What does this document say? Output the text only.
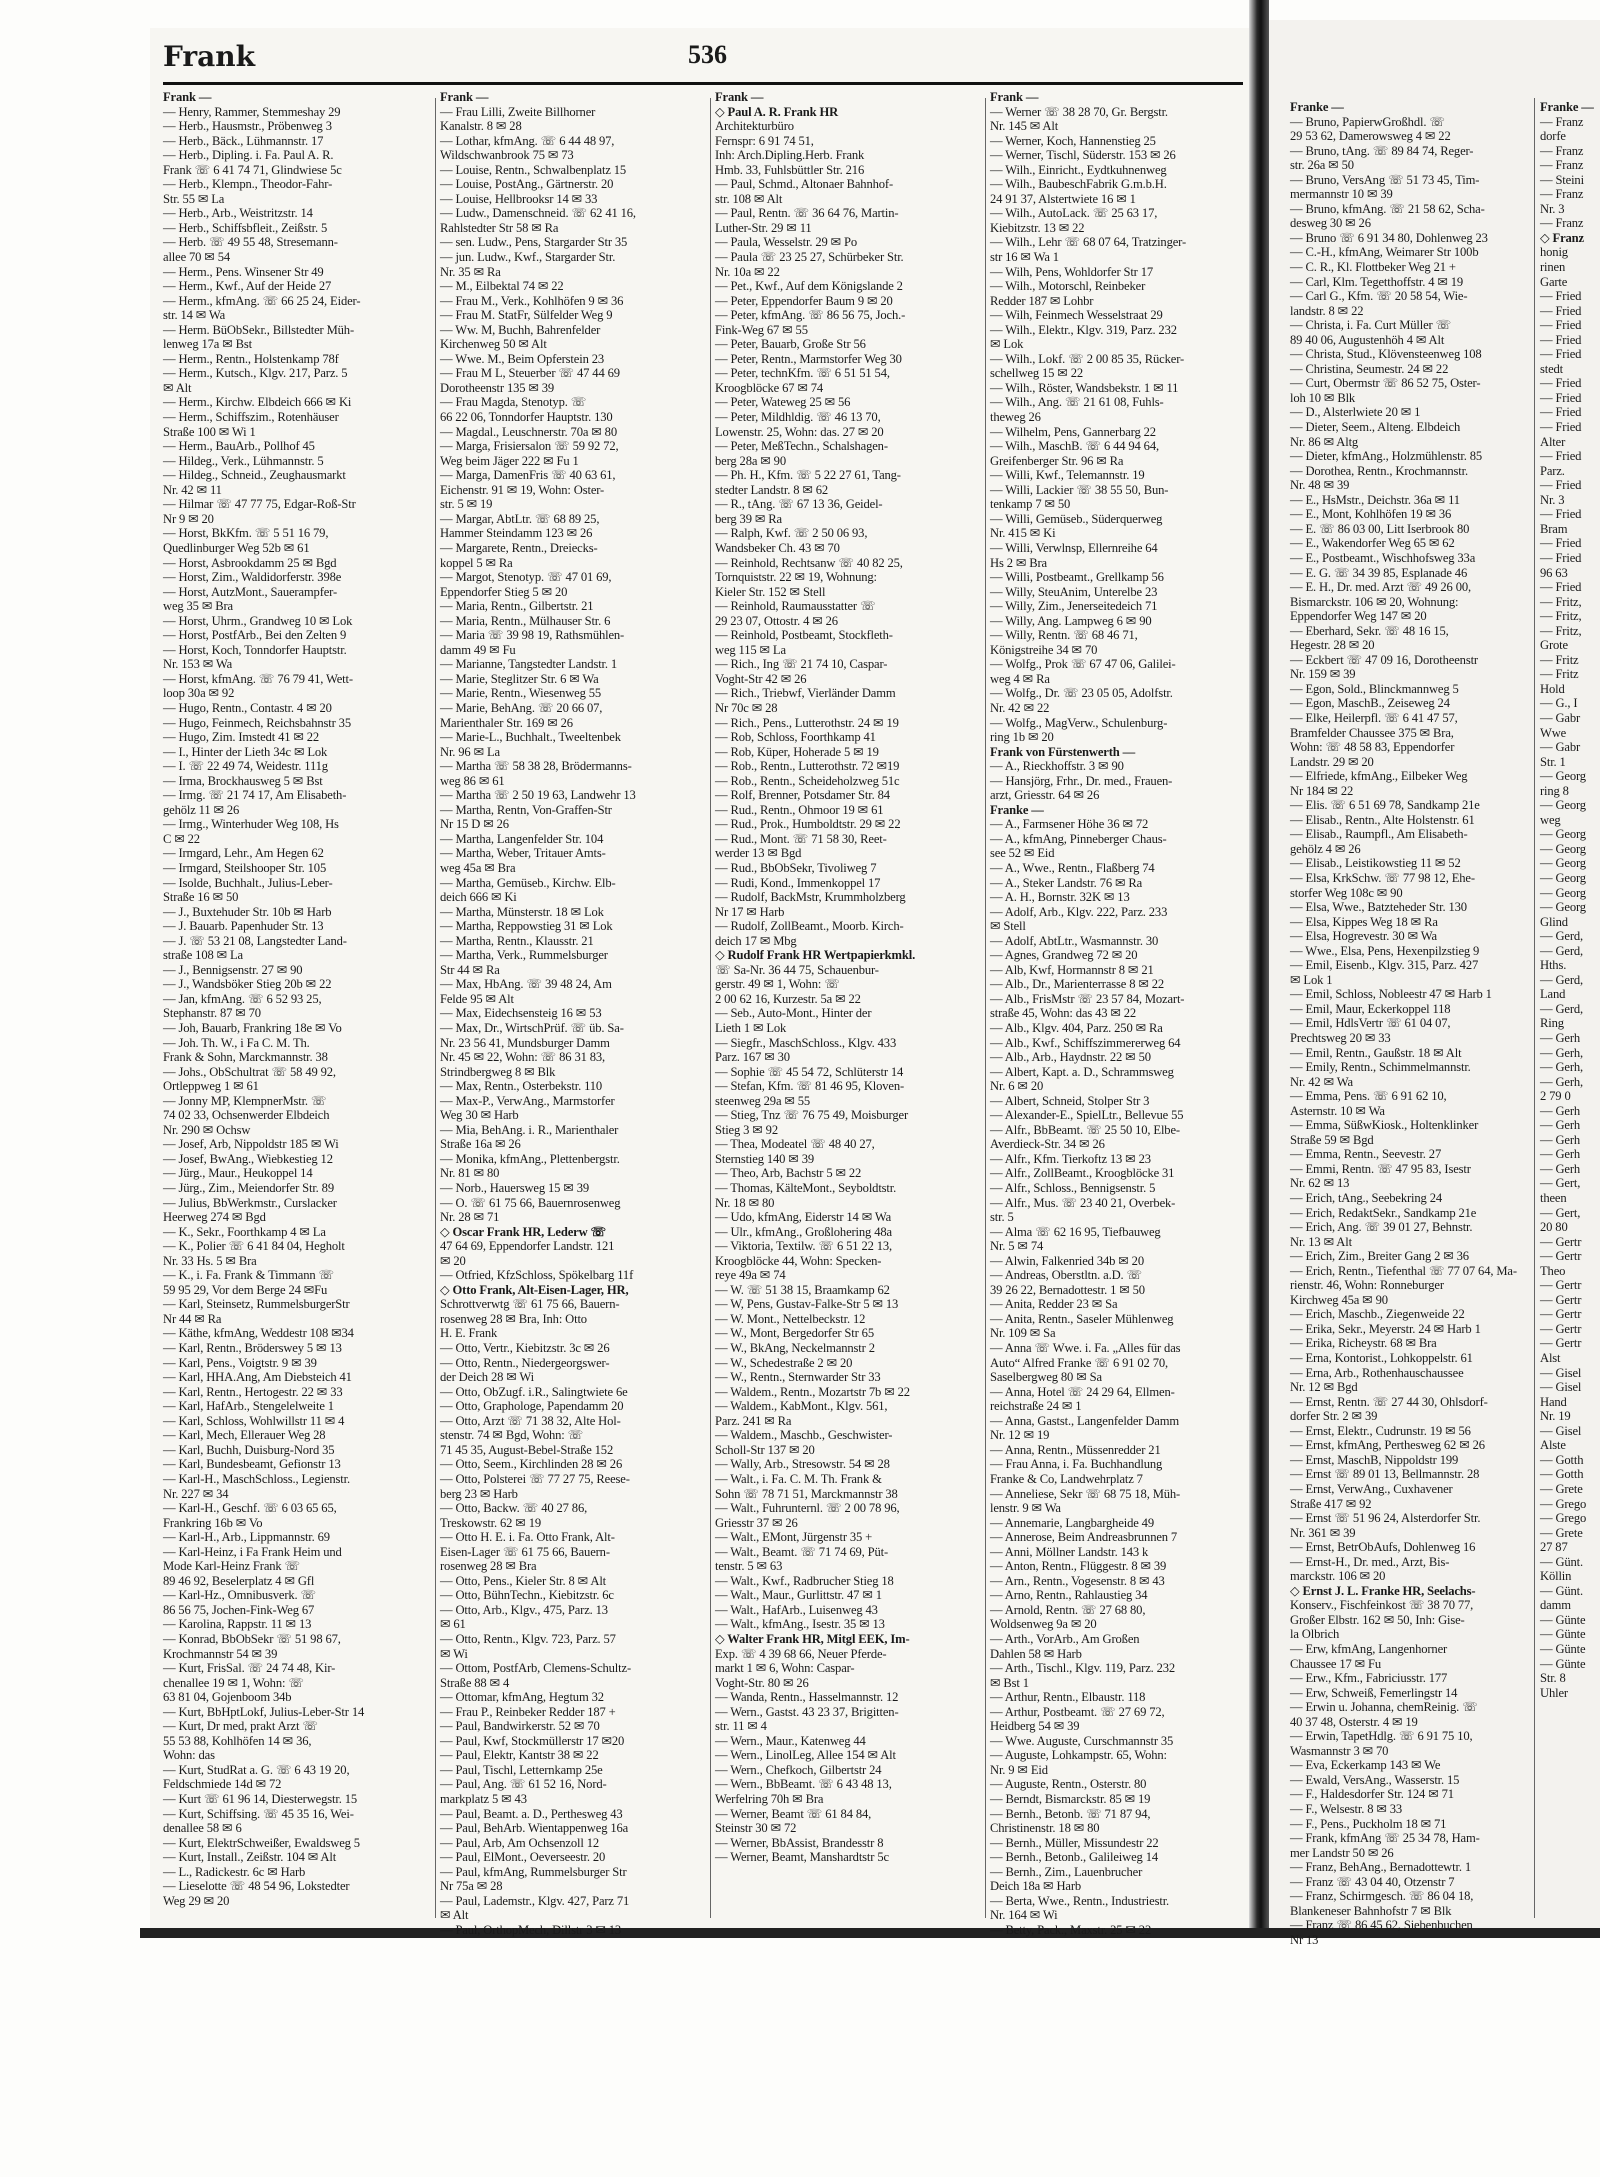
Frank	536
Frank —
— Henry, Rammer, Stemmeshay 29
— Herb., Hausmstr., Pröbenweg 3
— Herb., Bäck., Lühmannstr. 17
— Herb., Dipling. i. Fa. Paul A. R.
Frank ☏ 6 41 74 71, Glindwiese 5c
— Herb., Klempn., Theodor-Fahr-
Str. 55 ✉ La
— Herb., Arb., Weistritzstr. 14
— Herb., Schiffsbfleit., Zeißstr. 5
— Herb. ☏ 49 55 48, Stresemann-
allee 70 ✉ 54
— Herm., Pens. Winsener Str 49
— Herm., Kwf., Auf der Heide 27
— Herm., kfmAng. ☏ 66 25 24, Eider-
str. 14 ✉ Wa
— Herm. BüObSekr., Billstedter Müh-
lenweg 17a ✉ Bst
— Herm., Rentn., Holstenkamp 78f
— Herm., Kutsch., Klgv. 217, Parz. 5
✉ Alt
— Herm., Kirchw. Elbdeich 666 ✉ Ki
— Herm., Schiffszim., Rotenhäuser
Straße 100 ✉ Wi 1
— Herm., BauArb., Pollhof 45
— Hildeg., Verk., Lühmannstr. 5
— Hildeg., Schneid., Zeughausmarkt
Nr. 42 ✉ 11
— Hilmar ☏ 47 77 75, Edgar-Roß-Str
Nr 9 ✉ 20
— Horst, BkKfm. ☏ 5 51 16 79,
Quedlinburger Weg 52b ✉ 61
— Horst, Asbrookdamm 25 ✉ Bgd
— Horst, Zim., Waldidorferstr. 398e
— Horst, AutzMont., Sauerampfer-
weg 35 ✉ Bra
— Horst, Uhrm., Grandweg 10 ✉ Lok
— Horst, PostfArb., Bei den Zelten 9
— Horst, Koch, Tonndorfer Hauptstr.
Nr. 153 ✉ Wa
— Horst, kfmAng. ☏ 76 79 41, Wett-
loop 30a ✉ 92
— Hugo, Rentn., Contastr. 4 ✉ 20
— Hugo, Feinmech, Reichsbahnstr 35
— Hugo, Zim. Imstedt 41 ✉ 22
— I., Hinter der Lieth 34c ✉ Lok
— I. ☏ 22 49 74, Weidestr. 111g
— Irma, Brockhausweg 5 ✉ Bst
— Irmg. ☏ 21 74 17, Am Elisabeth-
gehölz 11 ✉ 26
— Irmg., Winterhuder Weg 108, Hs
C ✉ 22
— Irmgard, Lehr., Am Hegen 62
— Irmgard, Steilshooper Str. 105
— Isolde, Buchhalt., Julius-Leber-
Straße 16 ✉ 50
— J., Buxtehuder Str. 10b ✉ Harb
— J. Bauarb. Papenhuder Str. 13
— J. ☏ 53 21 08, Langstedter Land-
straße 108 ✉ La
— J., Bennigsenstr. 27 ✉ 90
— J., Wandsböker Stieg 20b ✉ 22
— Jan, kfmAng. ☏ 6 52 93 25,
Stephanstr. 87 ✉ 70
— Joh, Bauarb, Frankring 18e ✉ Vo
— Joh. Th. W., i Fa C. M. Th.
Frank & Sohn, Marckmannstr. 38
— Johs., ObSchultrat ☏ 58 49 92,
Ortleppweg 1 ✉ 61
— Jonny MP, KlempnerMstr. ☏
74 02 33, Ochsenwerder Elbdeich
Nr. 290 ✉ Ochsw
— Josef, Arb, Nippoldstr 185 ✉ Wi
— Josef, BwAng., Wiebkestieg 12
— Jürg., Maur., Heukoppel 14
— Jürg., Zim., Meiendorfer Str. 89
— Julius, BbWerkmstr., Curslacker
Heerweg 274 ✉ Bgd
— K., Sekr., Foorthkamp 4 ✉ La
— K., Polier ☏ 6 41 84 04, Hegholt
Nr. 33 Hs. 5 ✉ Bra
— K., i. Fa. Frank & Timmann ☏
59 95 29, Vor dem Berge 24 ✉Fu
— Karl, Steinsetz, RummelsburgerStr
Nr 44 ✉ Ra
— Käthe, kfmAng, Weddestr 108 ✉34
— Karl, Rentn., Bröderswey 5 ✉ 13
— Karl, Pens., Voigtstr. 9 ✉ 39
— Karl, HHA.Ang, Am Diebsteich 41
— Karl, Rentn., Hertogestr. 22 ✉ 33
— Karl, HafArb., Stengelelweite 1
— Karl, Schloss, Wohlwillstr 11 ✉ 4
— Karl, Mech, Ellerauer Weg 28
— Karl, Buchh, Duisburg-Nord 35
— Karl, Bundesbeamt, Gefionstr 13
— Karl-H., MaschSchloss., Legienstr.
Nr. 227 ✉ 34
— Karl-H., Geschf. ☏ 6 03 65 65,
Frankring 16b ✉ Vo
— Karl-H., Arb., Lippmannstr. 69
— Karl-Heinz, i Fa Frank Heim und
Mode Karl-Heinz Frank ☏
89 46 92, Beselerplatz 4 ✉ Gfl
— Karl-Hz., Omnibusverk. ☏
86 56 75, Jochen-Fink-Weg 67
— Karolina, Rappstr. 11 ✉ 13
— Konrad, BbObSekr ☏ 51 98 67,
Krochmannstr 54 ✉ 39
— Kurt, FrisSal. ☏ 24 74 48, Kir-
chenallee 19 ✉ 1, Wohn: ☏
63 81 04, Gojenboom 34b
— Kurt, BbHptLokf, Julius-Leber-Str 14
— Kurt, Dr med, prakt Arzt ☏
55 53 88, Kohlhöfen 14 ✉ 36,
Wohn: das
— Kurt, StudRat a. G. ☏ 6 43 19 20,
Feldschmiede 14d ✉ 72
— Kurt ☏ 61 96 14, Diesterwegstr. 15
— Kurt, Schiffsing. ☏ 45 35 16, Wei-
denallee 58 ✉ 6
— Kurt, ElektrSchweißer, Ewaldsweg 5
— Kurt, Install., Zeißstr. 104 ✉ Alt
— L., Radickestr. 6c ✉ Harb
— Lieselotte ☏ 48 54 96, Lokstedter
Weg 29 ✉ 20
Frank —
— Frau Lilli, Zweite Billhorner
Kanalstr. 8 ✉ 28
— Lothar, kfmAng. ☏ 6 44 48 97,
Wildschwanbrook 75 ✉ 73
— Louise, Rentn., Schwalbenplatz 15
— Louise, PostAng., Gärtnerstr. 20
— Louise, Hellbrooksr 14 ✉ 33
— Ludw., Damenschneid. ☏ 62 41 16,
Rahlstedter Str 58 ✉ Ra
— sen. Ludw., Pens, Stargarder Str 35
— jun. Ludw., Kwf., Stargarder Str.
Nr. 35 ✉ Ra
— M., Eilbektal 74 ✉ 22
— Frau M., Verk., Kohlhöfen 9 ✉ 36
— Frau M. StatFr, Sülfelder Weg 9
— Ww. M, Buchh, Bahrenfelder
Kirchenweg 50 ✉ Alt
— Wwe. M., Beim Opferstein 23
— Frau M L, Steuerber ☏ 47 44 69
Dorotheenstr 135 ✉ 39
— Frau Magda, Stenotyp. ☏
66 22 06, Tonndorfer Hauptstr. 130
— Magdal., Leuschnerstr. 70a ✉ 80
— Marga, Frisiersalon ☏ 59 92 72,
Weg beim Jäger 222 ✉ Fu 1
— Marga, DamenFris ☏ 40 63 61,
Eichenstr. 91 ✉ 19, Wohn: Oster-
str. 5 ✉ 19
— Margar, AbtLtr. ☏ 68 89 25,
Hammer Steindamm 123 ✉ 26
— Margarete, Rentn., Dreiecks-
koppel 5 ✉ Ra
— Margot, Stenotyp. ☏ 47 01 69,
Eppendorfer Stieg 5 ✉ 20
— Maria, Rentn., Gilbertstr. 21
— Maria, Rentn., Mülhauser Str. 6
— Maria ☏ 39 98 19, Rathsmühlen-
damm 49 ✉ Fu
— Marianne, Tangstedter Landstr. 1
— Marie, Steglitzer Str. 6 ✉ Wa
— Marie, Rentn., Wiesenweg 55
— Marie, BehAng. ☏ 20 66 07,
Marienthaler Str. 169 ✉ 26
— Marie-L., Buchhalt., Tweeltenbek
Nr. 96 ✉ La
— Martha ☏ 58 38 28, Brödermanns-
weg 86 ✉ 61
— Martha ☏ 2 50 19 63, Landwehr 13
— Martha, Rentn, Von-Graffen-Str
Nr 15 D ✉ 26
— Martha, Langenfelder Str. 104
— Martha, Weber, Tritauer Amts-
weg 45a ✉ Bra
— Martha, Gemüseb., Kirchw. Elb-
deich 666 ✉ Ki
— Martha, Münsterstr. 18 ✉ Lok
— Martha, Reppowstieg 31 ✉ Lok
— Martha, Rentn., Klausstr. 21
— Martha, Verk., Rummelsburger
Str 44 ✉ Ra
— Max, HbAng. ☏ 39 48 24, Am
Felde 95 ✉ Alt
— Max, Eidechsensteig 16 ✉ 53
— Max, Dr., WirtschPrüf. ☏ üb. Sa-
Nr. 23 56 41, Mundsburger Damm
Nr. 45 ✉ 22, Wohn: ☏ 86 31 83,
Strindbergweg 8 ✉ Blk
— Max, Rentn., Osterbekstr. 110
— Max-P., VerwAng., Marmstorfer
Weg 30 ✉ Harb
— Mia, BehAng. i. R., Marienthaler
Straße 16a ✉ 26
— Monika, kfmAng., Plettenbergstr.
Nr. 81 ✉ 80
— Norb., Hauersweg 15 ✉ 39
— O. ☏ 61 75 66, Bauernrosenweg
Nr. 28 ✉ 71
◇ Oscar Frank HR, Lederw ☏
47 64 69, Eppendorfer Landstr. 121
✉ 20
— Otfried, KfzSchloss, Spökelbarg 11f
◇ Otto Frank, Alt-Eisen-Lager, HR,
Schrottverwtg ☏ 61 75 66, Bauern-
rosenweg 28 ✉ Bra, Inh: Otto
H. E. Frank
— Otto, Vertr., Kiebitzstr. 3c ✉ 26
— Otto, Rentn., Niedergeorgswer-
der Deich 28 ✉ Wi
— Otto, ObZugf. i.R., Salingtwiete 6e
— Otto, Graphologe, Papendamm 20
— Otto, Arzt ☏ 71 38 32, Alte Hol-
stenstr. 74 ✉ Bgd, Wohn: ☏
71 45 35, August-Bebel-Straße 152
— Otto, Seem., Kirchlinden 28 ✉ 26
— Otto, Polsterei ☏ 77 27 75, Reese-
berg 23 ✉ Harb
— Otto, Backw. ☏ 40 27 86,
Treskowstr. 62 ✉ 19
— Otto H. E. i. Fa. Otto Frank, Alt-
Eisen-Lager ☏ 61 75 66, Bauern-
rosenweg 28 ✉ Bra
— Otto, Pens., Kieler Str. 8 ✉ Alt
— Otto, BühnTechn., Kiebitzstr. 6c
— Otto, Arb., Klgv., 475, Parz. 13
✉ 61
— Otto, Rentn., Klgv. 723, Parz. 57
✉ Wi
— Ottom, PostfArb, Clemens-Schultz-
Straße 88 ✉ 4
— Ottomar, kfmAng, Hegtum 32
— Frau P., Reinbeker Redder 187 +
— Paul, Bandwirkerstr. 52 ✉ 70
— Paul, Kwf, Stockmüllerstr 17 ✉20
— Paul, Elektr, Kantstr 38 ✉ 22
— Paul, Tischl, Letternkamp 25e
— Paul, Ang. ☏ 61 52 16, Nord-
markplatz 5 ✉ 43
— Paul, Beamt. a. D., Perthesweg 43
— Paul, BehArb. Wientappenweg 16a
— Paul, Arb, Am Ochsenzoll 12
— Paul, ElMont., Oeverseestr. 20
— Paul, kfmAng, Rummelsburger Str
Nr 75a ✉ 28
— Paul, Lademstr., Klgv. 427, Parz 71
✉ Alt
— Paul, OrthopMech, Dillstr 3 ✉ 13
Frank —
◇ Paul A. R. Frank HR
Architekturbüro
Fernspr: 6 91 74 51,
Inh: Arch.Dipling.Herb. Frank
Hmb. 33, Fuhlsbüttler Str. 216
— Paul, Schmd., Altonaer Bahnhof-
str. 108 ✉ Alt
— Paul, Rentn. ☏ 36 64 76, Martin-
Luther-Str. 29 ✉ 11
— Paula, Wesselstr. 29 ✉ Po
— Paula ☏ 23 25 27, Schürbeker Str.
Nr. 10a ✉ 22
— Pet., Kwf., Auf dem Königslande 2
— Peter, Eppendorfer Baum 9 ✉ 20
— Peter, kfmAng. ☏ 86 56 75, Joch.-
Fink-Weg 67 ✉ 55
— Peter, Bauarb, Große Str 56
— Peter, Rentn., Marmstorfer Weg 30
— Peter, technKfm. ☏ 6 51 51 54,
Kroogblöcke 67 ✉ 74
— Peter, Wateweg 25 ✉ 56
— Peter, Mildhldig. ☏ 46 13 70,
Lowenstr. 25, Wohn: das. 27 ✉ 20
— Peter, MeßTechn., Schalshagen-
berg 28a ✉ 90
— Ph. H., Kfm. ☏ 5 22 27 61, Tang-
stedter Landstr. 8 ✉ 62
— R., tAng. ☏ 67 13 36, Geidel-
berg 39 ✉ Ra
— Ralph, Kwf. ☏ 2 50 06 93,
Wandsbeker Ch. 43 ✉ 70
— Reinhold, Rechtsanw ☏ 40 82 25,
Tornquiststr. 22 ✉ 19, Wohnung:
Kieler Str. 152 ✉ Stell
— Reinhold, Raumausstatter ☏
29 23 07, Ottostr. 4 ✉ 26
— Reinhold, Postbeamt, Stockfleth-
weg 115 ✉ La
— Rich., Ing ☏ 21 74 10, Caspar-
Voght-Str 42 ✉ 26
— Rich., Triebwf, Vierländer Damm
Nr 70c ✉ 28
— Rich., Pens., Lutterothstr. 24 ✉ 19
— Rob, Schloss, Foorthkamp 41
— Rob, Küper, Hoherade 5 ✉ 19
— Rob., Rentn., Lutterothstr. 72 ✉19
— Rob., Rentn., Scheideholzweg 51c
— Rolf, Brenner, Potsdamer Str. 84
— Rud., Rentn., Ohmoor 19 ✉ 61
— Rud., Prok., Humboldtstr. 29 ✉ 22
— Rud., Mont. ☏ 71 58 30, Reet-
werder 13 ✉ Bgd
— Rud., BbObSekr, Tivoliweg 7
— Rudi, Kond., Immenkoppel 17
— Rudolf, BackMstr, Krummholzberg
Nr 17 ✉ Harb
— Rudolf, ZollBeamt., Moorb. Kirch-
deich 17 ✉ Mbg
◇ Rudolf Frank HR Wertpapierkmkl.
☏ Sa-Nr. 36 44 75, Schauenbur-
gerstr. 49 ✉ 1, Wohn: ☏
2 00 62 16, Kurzestr. 5a ✉ 22
— Seb., Auto-Mont., Hinter der
Lieth 1 ✉ Lok
— Siegfr., MaschSchloss., Klgv. 433
Parz. 167 ✉ 30
— Sophie ☏ 45 54 72, Schlüterstr 14
— Stefan, Kfm. ☏ 81 46 95, Kloven-
steenweg 29a ✉ 55
— Stieg, Tnz ☏ 76 75 49, Moisburger
Stieg 3 ✉ 92
— Thea, Modeatel ☏ 48 40 27,
Sternstieg 140 ✉ 39
— Theo, Arb, Bachstr 5 ✉ 22
— Thomas, KälteMont., Seyboldtstr.
Nr. 18 ✉ 80
— Udo, kfmAng, Eiderstr 14 ✉ Wa
— Ulr., kfmAng., Großlohering 48a
— Viktoria, Textilw. ☏ 6 51 22 13,
Kroogblöcke 44, Wohn: Specken-
reye 49a ✉ 74
— W. ☏ 51 38 15, Braamkamp 62
— W, Pens, Gustav-Falke-Str 5 ✉ 13
— W. Mont., Nettelbeckstr. 12
— W., Mont, Bergedorfer Str 65
— W., BkAng, Neckelmannstr 2
— W., Schedestraße 2 ✉ 20
— W., Rentn., Sternwarder Str 33
— Waldem., Rentn., Mozartstr 7b ✉ 22
— Waldem., KabMont., Klgv. 561,
Parz. 241 ✉ Ra
— Waldem., Maschb., Geschwister-
Scholl-Str 137 ✉ 20
— Wally, Arb., Stresowstr. 54 ✉ 28
— Walt., i. Fa. C. M. Th. Frank &
Sohn ☏ 78 71 51, Marckmannstr 38
— Walt., Fuhrunternl. ☏ 2 00 78 96,
Griesstr 37 ✉ 26
— Walt., EMont, Jürgenstr 35 +
— Walt., Beamt. ☏ 71 74 69, Püt-
tenstr. 5 ✉ 63
— Walt., Kwf., Radbrucher Stieg 18
— Walt., Maur., Gurlittstr. 47 ✉ 1
— Walt., HafArb., Luisenweg 43
— Walt., kfmAng., Isestr. 35 ✉ 13
◇ Walter Frank HR, Mitgl EEK, Im-
Exp. ☏ 4 39 68 66, Neuer Pferde-
markt 1 ✉ 6, Wohn: Caspar-
Voght-Str. 80 ✉ 26
— Wanda, Rentn., Hasselmannstr. 12
— Wern., Gastst. 43 23 37, Brigitten-
str. 11 ✉ 4
— Wern., Maur., Katenweg 44
— Wern., LinolLeg, Allee 154 ✉ Alt
— Wern., Chefkoch, Gilbertstr 24
— Wern., BbBeamt. ☏ 6 43 48 13,
Werfelring 70h ✉ Bra
— Werner, Beamt ☏ 61 84 84,
Steinstr 30 ✉ 72
— Werner, BbAssist, Brandesstr 8
— Werner, Beamt, Manshardtstr 5c
Frank —
— Werner ☏ 38 28 70, Gr. Bergstr.
Nr. 145 ✉ Alt
— Werner, Koch, Hannenstieg 25
— Werner, Tischl, Süderstr. 153 ✉ 26
— Wilh., Einricht., Eydtkuhnenweg
— Wilh., BaubeschFabrik G.m.b.H.
24 91 37, Alstertwiete 16 ✉ 1
— Wilh., AutoLack. ☏ 25 63 17,
Kiebitzstr. 13 ✉ 22
— Wilh., Lehr ☏ 68 07 64, Tratzinger-
str 16 ✉ Wa 1
— Wilh, Pens, Wohldorfer Str 17
— Wilh., Motorschl, Reinbeker
Redder 187 ✉ Lohbr
— Wilh, Feinmech Wesselstraat 29
— Wilh., Elektr., Klgv. 319, Parz. 232
✉ Lok
— Wilh., Lokf. ☏ 2 00 85 35, Rücker-
schellweg 15 ✉ 22
— Wilh., Röster, Wandsbekstr. 1 ✉ 11
— Wilh., Ang. ☏ 21 61 08, Fuhls-
theweg 26
— Wilhelm, Pens, Gannerbarg 22
— Wilh., MaschB. ☏ 6 44 94 64,
Greifenberger Str. 96 ✉ Ra
— Willi, Kwf., Telemannstr. 19
— Willi, Lackier ☏ 38 55 50, Bun-
tenkamp 7 ✉ 50
— Willi, Gemüseb., Süderquerweg
Nr. 415 ✉ Ki
— Willi, Verwlnsp, Ellernreihe 64
Hs 2 ✉ Bra
— Willi, Postbeamt., Grellkamp 56
— Willy, SteuAnim, Unterelbe 23
— Willy, Zim., Jenerseitedeich 71
— Willy, Ang. Lampweg 6 ✉ 90
— Willy, Rentn. ☏ 68 46 71,
Königstreihe 34 ✉ 70
— Wolfg., Prok ☏ 67 47 06, Galilei-
weg 4 ✉ Ra
— Wolfg., Dr. ☏ 23 05 05, Adolfstr.
Nr. 42 ✉ 22
— Wolfg., MagVerw., Schulenburg-
ring 1b ✉ 20
Frank von Fürstenwerth —
— A., Rieckhoffstr. 3 ✉ 90
— Hansjörg, Frhr., Dr. med., Frauen-
arzt, Griesstr. 64 ✉ 26
Franke —
— A., Farmsener Höhe 36 ✉ 72
— A., kfmAng, Pinneberger Chaus-
see 52 ✉ Eid
— A., Wwe., Rentn., Flaßberg 74
— A., Steker Landstr. 76 ✉ Ra
— A. H., Bornstr. 32K ✉ 13
— Adolf, Arb., Klgv. 222, Parz. 233
✉ Stell
— Adolf, AbtLtr., Wasmannstr. 30
— Agnes, Grandweg 72 ✉ 20
— Alb, Kwf, Hormannstr 8 ✉ 21
— Alb., Dr., Marienterrasse 8 ✉ 22
— Alb., FrisMstr ☏ 23 57 84, Mozart-
straße 45, Wohn: das 43 ✉ 22
— Alb., Klgv. 404, Parz. 250 ✉ Ra
— Alb., Kwf., Schiffszimmererweg 64
— Alb., Arb., Haydnstr. 22 ✉ 50
— Albert, Kapt. a. D., Schrammsweg
Nr. 6 ✉ 20
— Albert, Schneid, Stolper Str 3
— Alexander-E., SpielLtr., Bellevue 55
— Alfr., BbBeamt. ☏ 25 50 10, Elbe-
Averdieck-Str. 34 ✉ 26
— Alfr., Kfm. Tierkoftz 13 ✉ 23
— Alfr., ZollBeamt., Kroogblöcke 31
— Alfr., Schloss., Bennigsenstr. 5
— Alfr., Mus. ☏ 23 40 21, Overbek-
str. 5
— Alma ☏ 62 16 95, Tiefbauweg
Nr. 5 ✉ 74
— Alwin, Falkenried 34b ✉ 20
— Andreas, Oberstltn. a.D. ☏
39 26 22, Bernadottestr. 1 ✉ 50
— Anita, Redder 23 ✉ Sa
— Anita, Rentn., Saseler Mühlenweg
Nr. 109 ✉ Sa
— Anna ☏ Wwe. i. Fa. „Alles für das
Auto“ Alfred Franke ☏ 6 91 02 70,
Saselbergweg 80 ✉ Sa
— Anna, Hotel ☏ 24 29 64, Ellmen-
reichstraße 24 ✉ 1
— Anna, Gastst., Langenfelder Damm
Nr. 12 ✉ 19
— Anna, Rentn., Müssenredder 21
— Frau Anna, i. Fa. Buchhandlung
Franke & Co, Landwehrplatz 7
— Anneliese, Sekr ☏ 68 75 18, Müh-
lenstr. 9 ✉ Wa
— Annemarie, Langbargheide 49
— Annerose, Beim Andreasbrunnen 7
— Anni, Möllner Landstr. 143 k
— Anton, Rentn., Flüggestr. 8 ✉ 39
— Arn., Rentn., Vogesenstr. 8 ✉ 43
— Arno, Rentn., Rahlaustieg 34
— Arnold, Rentn. ☏ 27 68 80,
Woldsenweg 9a ✉ 20
— Arth., VorArb., Am Großen
Dahlen 58 ✉ Harb
— Arth., Tischl., Klgv. 119, Parz. 232
✉ Bst 1
— Arthur, Rentn., Elbaustr. 118
— Arthur, Postbeamt. ☏ 27 69 72,
Heidberg 54 ✉ 39
— Wwe. Auguste, Curschmannstr 35
— Auguste, Lohkampstr. 65, Wohn:
Nr. 9 ✉ Eid
— Auguste, Rentn., Osterstr. 80
— Berndt, Bismarckstr. 85 ✉ 19
— Bernh., Betonb. ☏ 71 87 94,
Christinenstr. 18 ✉ 80
— Bernh., Müller, Missundestr 22
— Bernh., Betonb., Galileiweg 14
— Bernh., Zim., Lauenbrucher
Deich 18a ✉ Harb
— Berta, Wwe., Rentn., Industriestr.
Nr. 164 ✉ Wi
— Betty, Pack., Maxstr. 25 ✉ 22
Franke —
— Bruno, PapierwGroßhdl. ☏
29 53 62, Damerowsweg 4 ✉ 22
— Bruno, tAng. ☏ 89 84 74, Reger-
str. 26a ✉ 50
— Bruno, VersAng ☏ 51 73 45, Tim-
mermannstr 10 ✉ 39
— Bruno, kfmAng. ☏ 21 58 62, Scha-
desweg 30 ✉ 26
— Bruno ☏ 6 91 34 80, Dohlenweg 23
— C.-H., kfmAng, Weimarer Str 100b
— C. R., Kl. Flottbeker Weg 21 +
— Carl, Klm. Tegetthoffstr. 4 ✉ 19
— Carl G., Kfm. ☏ 20 58 54, Wie-
landstr. 8 ✉ 22
— Christa, i. Fa. Curt Müller ☏
89 40 06, Augustenhöh 4 ✉ Alt
— Christa, Stud., Klövensteenweg 108
— Christina, Seumestr. 24 ✉ 22
— Curt, Obermstr ☏ 86 52 75, Oster-
loh 10 ✉ Blk
— D., Alsterlwiete 20 ✉ 1
— Dieter, Seem., Alteng. Elbdeich
Nr. 86 ✉ Altg
— Dieter, kfmAng., Holzmühlenstr. 85
— Dorothea, Rentn., Krochmannstr.
Nr. 48 ✉ 39
— E., HsMstr., Deichstr. 36a ✉ 11
— E., Mont, Kohlhöfen 19 ✉ 36
— E. ☏ 86 03 00, Litt Iserbrook 80
— E., Wakendorfer Weg 65 ✉ 62
— E., Postbeamt., Wischhofsweg 33a
— E. G. ☏ 34 39 85, Esplanade 46
— E. H., Dr. med. Arzt ☏ 49 26 00,
Bismarckstr. 106 ✉ 20, Wohnung:
Eppendorfer Weg 147 ✉ 20
— Eberhard, Sekr. ☏ 48 16 15,
Hegestr. 28 ✉ 20
— Eckbert ☏ 47 09 16, Dorotheenstr
Nr. 159 ✉ 39
— Egon, Sold., Blinckmannweg 5
— Egon, MaschB., Zeiseweg 24
— Elke, Heilerpfl. ☏ 6 41 47 57,
Bramfelder Chaussee 375 ✉ Bra,
Wohn: ☏ 48 58 83, Eppendorfer
Landstr. 29 ✉ 20
— Elfriede, kfmAng., Eilbeker Weg
Nr 184 ✉ 22
— Elis. ☏ 6 51 69 78, Sandkamp 21e
— Elisab., Rentn., Alte Holstenstr. 61
— Elisab., Raumpfl., Am Elisabeth-
gehölz 4 ✉ 26
— Elisab., Leistikowstieg 11 ✉ 52
— Elsa, KrkSchw. ☏ 77 98 12, Ehe-
storfer Weg 108c ✉ 90
— Elsa, Wwe., Batzteheder Str. 130
— Elsa, Kippes Weg 18 ✉ Ra
— Elsa, Hogrevestr. 30 ✉ Wa
— Wwe., Elsa, Pens, Hexenpilzstieg 9
— Emil, Eisenb., Klgv. 315, Parz. 427
✉ Lok 1
— Emil, Schloss, Nobleestr 47 ✉ Harb 1
— Emil, Maur, Eckerkoppel 118
— Emil, HdlsVertr ☏ 61 04 07,
Prechtsweg 20 ✉ 33
— Emil, Rentn., Gaußstr. 18 ✉ Alt
— Emily, Rentn., Schimmelmannstr.
Nr. 42 ✉ Wa
— Emma, Pens. ☏ 6 91 62 10,
Asternstr. 10 ✉ Wa
— Emma, SüßwKiosk., Holtenklinker
Straße 59 ✉ Bgd
— Emma, Rentn., Seevestr. 27
— Emmi, Rentn. ☏ 47 95 83, Isestr
Nr. 62 ✉ 13
— Erich, tAng., Seebekring 24
— Erich, RedaktSekr., Sandkamp 21e
— Erich, Ang. ☏ 39 01 27, Behnstr.
Nr. 13 ✉ Alt
— Erich, Zim., Breiter Gang 2 ✉ 36
— Erich, Rentn., Tiefenthal ☏ 77 07 64, Ma-
rienstr. 46, Wohn: Ronneburger
Kirchweg 45a ✉ 90
— Erich, Maschb., Ziegenweide 22
— Erika, Sekr., Meyerstr. 24 ✉ Harb 1
— Erika, Richeystr. 68 ✉ Bra
— Erna, Kontorist., Lohkoppelstr. 61
— Erna, Arb., Rothenhauschaussee
Nr. 12 ✉ Bgd
— Ernst, Rentn. ☏ 27 44 30, Ohlsdorf-
dorfer Str. 2 ✉ 39
— Ernst, Elektr., Cudrunstr. 19 ✉ 56
— Ernst, kfmAng, Perthesweg 62 ✉ 26
— Ernst, MaschB, Nippoldstr 199
— Ernst ☏ 89 01 13, Bellmannstr. 28
— Ernst, VerwAng., Cuxhavener
Straße 417 ✉ 92
— Ernst ☏ 51 96 24, Alsterdorfer Str.
Nr. 361 ✉ 39
— Ernst, BetrObAufs, Dohlenweg 16
— Ernst-H., Dr. med., Arzt, Bis-
marckstr. 106 ✉ 20
◇ Ernst J. L. Franke HR, Seelachs-
Konserv., Fischfeinkost ☏ 38 70 77,
Großer Elbstr. 162 ✉ 50, Inh: Gise-
la Olbrich
— Erw, kfmAng, Langenhorner
Chaussee 17 ✉ Fu
— Erw., Kfm., Fabriciusstr. 177
— Erw, Schweiß, Femerlingstr 14
— Erwin u. Johanna, chemReinig. ☏
40 37 48, Osterstr. 4 ✉ 19
— Erwin, TapetHdlg. ☏ 6 91 75 10,
Wasmannstr 3 ✉ 70
— Eva, Eckerkamp 143 ✉ We
— Ewald, VersAng., Wasserstr. 15
— F., Haldesdorfer Str. 124 ✉ 71
— F., Welsestr. 8 ✉ 33
— F., Pens., Puckholm 18 ✉ 71
— Frank, kfmAng ☏ 25 34 78, Ham-
mer Landstr 50 ✉ 26
— Franz, BehAng., Bernadottewtr. 1
— Franz ☏ 43 04 40, Otzenstr 7
— Franz, Schirmgesch. ☏ 86 04 18,
Blankeneser Bahnhofstr 7 ✉ Blk
— Franz ☏ 86 45 62, Siebenbuchen
Nr 13
Franke —
— Franz
dorfe
— Franz
— Franz
— Steini
— Franz
Nr. 3
— Franz
◇ Franz
honig
rinen
Garte
— Fried
— Fried
— Fried
— Fried
— Fried
stedt
— Fried
— Fried
— Fried
— Fried
Alter
— Fried
Parz.
— Fried
Nr. 3
— Fried
Bram
— Fried
— Fried
96 63
— Fried
— Fritz,
— Fritz,
— Fritz,
Grote
— Fritz
— Fritz
Hold
— G., I
— Gabr
Wwe
— Gabr
Str. 1
— Georg
ring 8
— Georg
weg
— Georg
— Georg
— Georg
— Georg
— Georg
— Georg
Glind
— Gerd,
— Gerd,
Hths.
— Gerd,
Land
— Gerd,
Ring
— Gerh
— Gerh,
— Gerh,
— Gerh,
2 79 0
— Gerh
— Gerh
— Gerh
— Gerh
— Gerh
— Gert,
theen
— Gert,
20 80
— Gertr
— Gertr
Theo
— Gertr
— Gertr
— Gertr
— Gertr
— Gertr
Alst
— Gisel
— Gisel
Hand
Nr. 19
— Gisel
Alste
— Gotth
— Gotth
— Grete
— Grego
— Grego
— Grete
27 87
— Günt.
Köllin
— Günt.
damm
— Günte
— Günte
— Günte
— Günte
Str. 8
Uhler
